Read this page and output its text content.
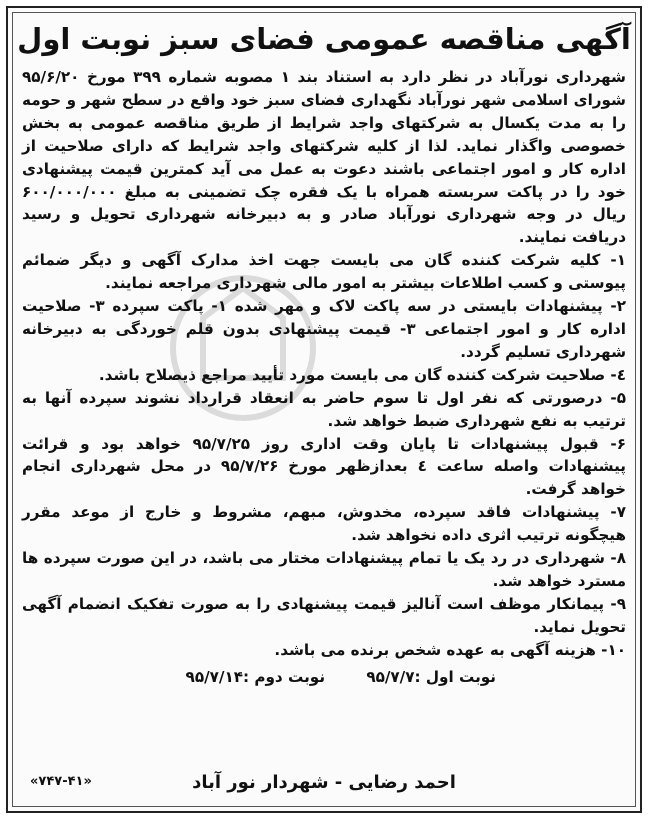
آگهی مناقصه عمومی فضای سبز نوبت اول

شهرداری نورآباد در نظر دارد به استناد بند ۱ مصوبه شماره ۳۹۹ مورخ ۹۵/۶/۲۰ شورای اسلامی شهر نورآباد نگهداری فضای سبز خود واقع در سطح شهر و حومه را به مدت یکسال به شرکتهای واجد شرایط از طریق مناقصه عمومی به بخش خصوصی واگذار نماید. لذا از کلیه شرکتهای واجد شرایط که دارای صلاحیت از اداره کار و امور اجتماعی باشند دعوت به عمل می آید کمترین قیمت پیشنهادی خود را در پاکت سربسته همراه با یک فقره چک تضمینی به مبلغ ۶۰۰/۰۰۰/۰۰۰ ریال در وجه شهرداری نورآباد صادر و به دبیرخانه شهرداری تحویل و رسید دریافت نمایند.

۱- کلیه شرکت کننده گان می بایست جهت اخذ مدارک آگهی و دیگر ضمائم پیوستی و کسب اطلاعات بیشتر به امور مالی شهرداری مراجعه نمایند.

۲- پیشنهادات بایستی در سه پاکت لاک و مهر شده ۱- پاکت سپرده ۳- صلاحیت اداره کار و امور اجتماعی ۳- قیمت پیشنهادی بدون قلم خوردگی به دبیرخانه شهرداری تسلیم گردد.

٤- صلاحیت شرکت کننده گان می بایست مورد تأیید مراجع ذیصلاح باشد.

۵- درصورتی که نفر اول تا سوم حاضر به انعقاد قرارداد نشوند سپرده آنها به ترتیب به نفع شهرداری ضبط خواهد شد.

۶- قبول پیشنهادات تا پایان وقت اداری روز ۹۵/۷/۲۵ خواهد بود و قرائت پیشنهادات واصله ساعت ٤ بعدازظهر مورخ ۹۵/۷/۲۶ در محل شهرداری انجام خواهد گرفت.

۷- پیشنهادات فاقد سپرده، مخدوش، مبهم، مشروط و خارج از موعد مقرر هیچگونه ترتیب اثری داده نخواهد شد.

۸- شهرداری در رد یک یا تمام پیشنهادات مختار می باشد، در این صورت سپرده ها مسترد خواهد شد.

۹- پیمانکار موظف است آنالیز قیمت پیشنهادی را به صورت تفکیک انضمام آگهی تحویل نماید.

۱۰- هزینه آگهی به عهده شخص برنده می باشد.

نوبت اول :۹۵/۷/۷ نوبت دوم :۹۵/۷/۱۴
احمد رضایی - شهردار نور آباد
«۷۴۷-۴۱»
